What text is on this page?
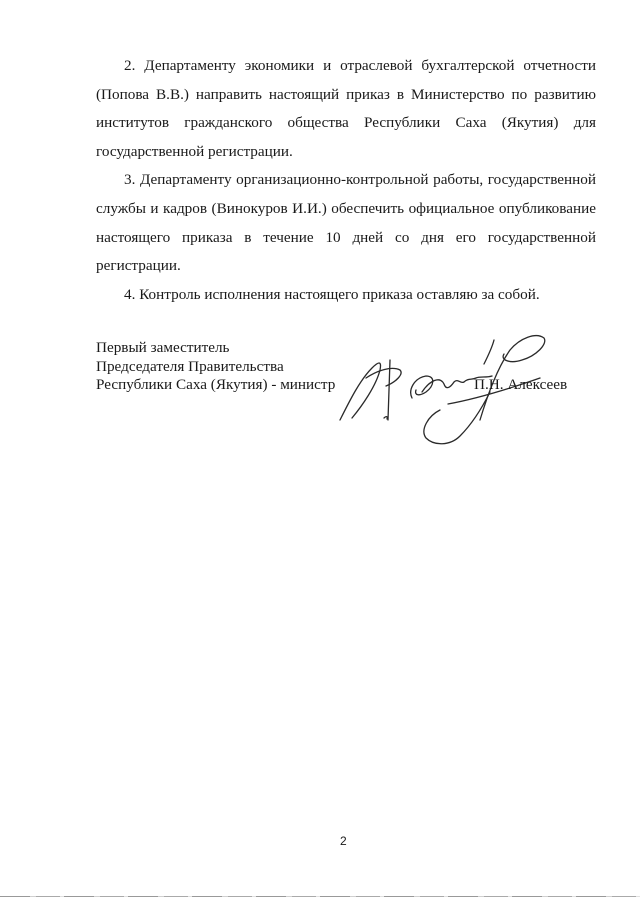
2. Департаменту экономики и отраслевой бухгалтерской отчетности (Попова В.В.) направить настоящий приказ в Министерство по развитию институтов гражданского общества Республики Саха (Якутия) для государственной регистрации.

3. Департаменту организационно-контрольной работы, государственной службы и кадров (Винокуров И.И.) обеспечить официальное опубликование настоящего приказа в течение 10 дней со дня его государственной регистрации.

4. Контроль исполнения настоящего приказа оставляю за собой.

Первый заместитель
Председателя Правительства
Республики Саха (Якутия) - министр	П.Н. Алексеев
2
